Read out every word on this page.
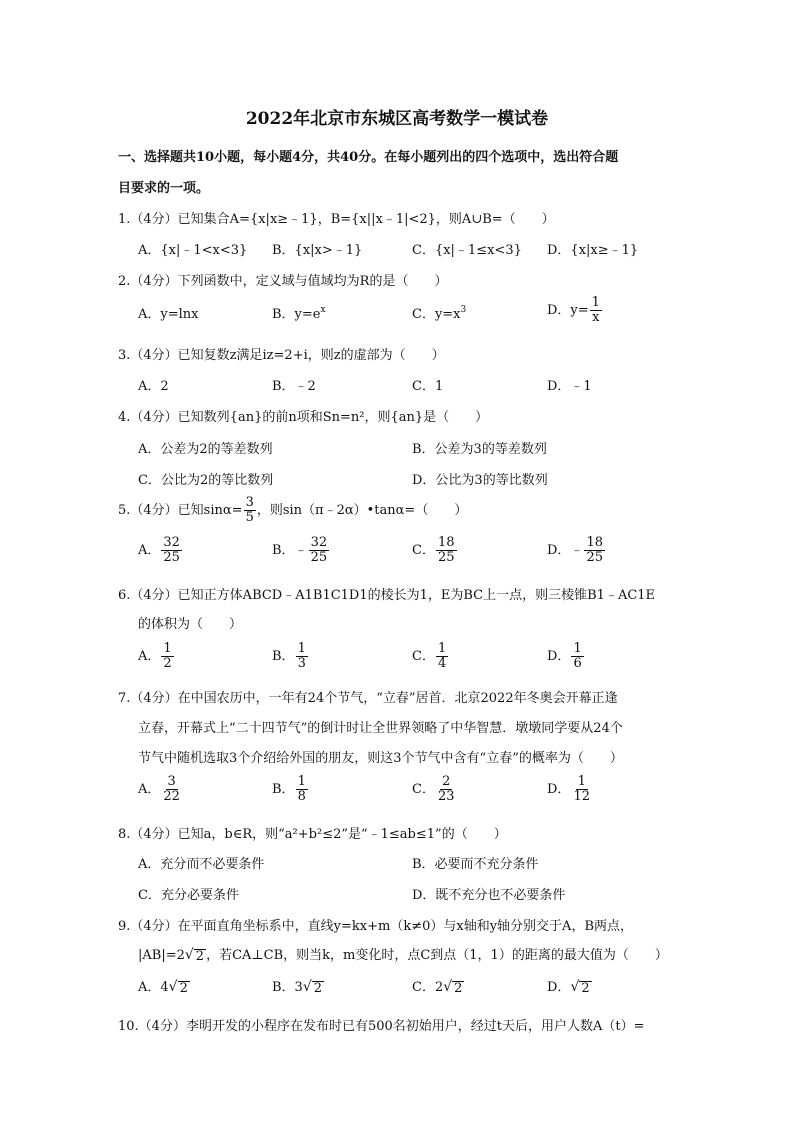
2022年北京市东城区高考数学一模试卷
一、选择题共10小题，每小题4分，共40分。在每小题列出的四个选项中，选出符合题
目要求的一项。
1.（4分）已知集合A={x|x≥﹣1}，B={x||x﹣1|<2}，则A∪B=（　　）
A．{x|﹣1<x<3} B．{x|x>﹣1}	C．{x|﹣1≤x<3} D．{x|x≥﹣1}
2.（4分）下列函数中，定义域与值域均为R的是（　　）
A．y=lnx	B．$y=e^x$	C．$y=x^3$	D．$y= \frac{1}{x}$
3.（4分）已知复数z满足iz=2+i，则z的虚部为（　　）
A．2	B．﹣2	C．1	D．﹣1
4.（4分）已知数列{an}的前n项和Sn=n²，则{an}是（　　）
A．公差为2的等差数列	B．公差为3的等差数列
C．公比为2的等比数列	D．公比为3的等比数列
5.（4分）已知$\sin\alpha= \frac{3}{5}$ ，则sin（π﹣2α）•tanα=（　　）
A． $\frac{32}{25}$	B．﹣ $\frac{32}{25}$	C． $\frac{18}{25}$	D．﹣ $\frac{18}{25}$
6.（4分）已知正方体ABCD﹣A1B1C1D1的棱长为1，E为BC上一点，则三棱锥B1﹣AC1E
的体积为（　　）
A． $\frac{1}{2}$	B． $\frac{1}{3}$	C． $\frac{1}{4}$	D． $\frac{1}{6}$
7.（4分）在中国农历中，一年有24个节气，“立春”居首．北京2022年冬奥会开幕正逢
立春，开幕式上“二十四节气”的倒计时让全世界领略了中华智慧．墩墩同学要从24个
节气中随机选取3个介绍给外国的朋友，则这3个节气中含有“立春”的概率为（　　）
A． $\frac{3}{22}$	B． $\frac{1}{8}$	C． $\frac{2}{23}$	D． $\frac{1}{12}$
8.（4分）已知a，b∈R，则“a²+b²≤2”是“﹣1≤ab≤1”的（　　）
A．充分而不必要条件	B．必要而不充分条件
C．充分必要条件	D．既不充分也不必要条件
9.（4分）在平面直角坐标系中，直线y=kx+m（k≠0）与x轴和y轴分别交于A，B两点，
|AB|=2 √ 2 ，若CA⊥CB，则当k，m变化时，点C到点（1，1）的距离的最大值为（　　）
A．4 √ 2	B．3 √ 2	C．2 √ 2	D． √ 2
10.（4分）李明开发的小程序在发布时已有500名初始用户，经过t天后，用户人数A（t）=
